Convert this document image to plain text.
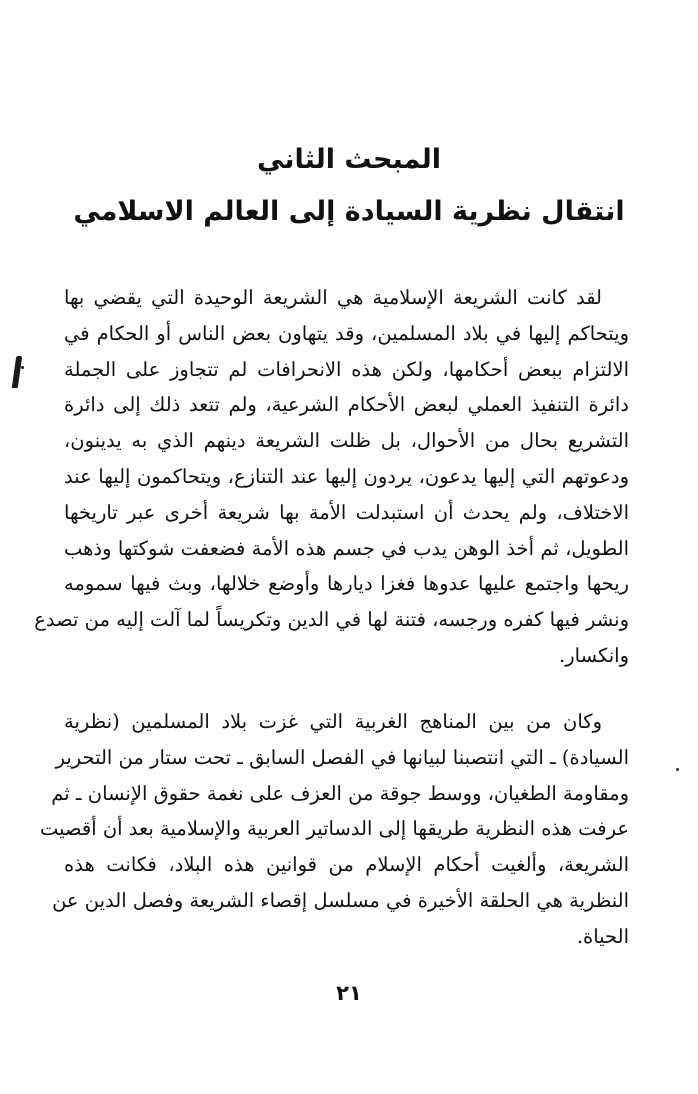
المبحث الثاني
انتقال نظرية السيادة إلى العالم الاسلامي
لقد كانت الشريعة الإسلامية هي الشريعة الوحيدة التي يقضي بها
ويتحاكم إليها في بلاد المسلمين، وقد يتهاون بعض الناس أو الحكام في
الالتزام ببعض أحكامها، ولكن هذه الانحرافات لم تتجاوز على الجملة
دائرة التنفيذ العملي لبعض الأحكام الشرعية، ولم تتعد ذلك إلى دائرة
التشريع بحال من الأحوال، بل ظلت الشريعة دينهم الذي به يدينون،
ودعوتهم التي إليها يدعون، يردون إليها عند التنازع، ويتحاكمون إليها عند
الاختلاف، ولم يحدث أن استبدلت الأمة بها شريعة أخرى عبر تاريخها
الطويل، ثم أخذ الوهن يدب في جسم هذه الأمة فضعفت شوكتها وذهب
ريحها واجتمع عليها عدوها فغزا ديارها وأوضع خلالها، وبث فيها سمومه
ونشر فيها كفره ورجسه، فتنة لها في الدين وتكريساً لما آلت إليه من تصدع
وانكسار.
وكان من بين المناهج الغربية التي غزت بلاد المسلمين (نظرية
السيادة) ـ التي انتصبنا لبيانها في الفصل السابق ـ تحت ستار من التحرير
ومقاومة الطغيان، ووسط جوقة من العزف على نغمة حقوق الإنسان ـ ثم
عرفت هذه النظرية طريقها إلى الدساتير العربية والإسلامية بعد أن أقصيت
الشريعة، وألغيت أحكام الإسلام من قوانين هذه البلاد، فكانت هذه
النظرية هي الحلقة الأخيرة في مسلسل إقصاء الشريعة وفصل الدين عن
الحياة.
٢١
